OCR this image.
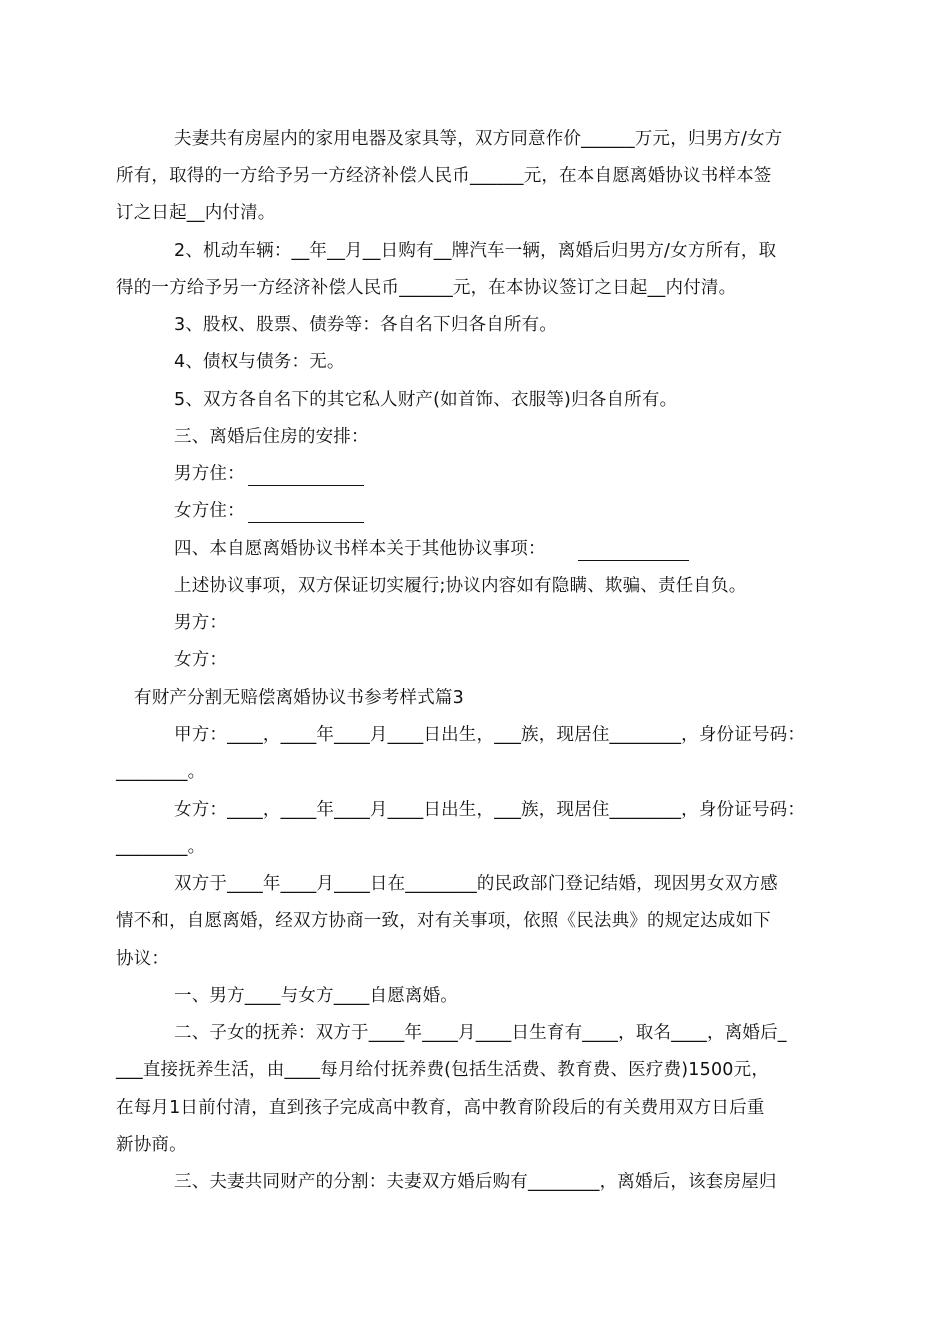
夫妻共有房屋内的家用电器及家具等，双方同意作价______万元，归男方/女方
所有，取得的一方给予另一方经济补偿人民币______元，在本自愿离婚协议书样本签
订之日起__内付清。
2、机动车辆：__年__月__日购有__牌汽车一辆，离婚后归男方/女方所有，取
得的一方给予另一方经济补偿人民币______元，在本协议签订之日起__内付清。
3、股权、股票、债券等：各自名下归各自所有。
4、债权与债务：无。
5、双方各自名下的其它私人财产(如首饰、衣服等)归各自所有。
三、离婚后住房的安排：
男方住：
女方住：
四、本自愿离婚协议书样本关于其他协议事项：
上述协议事项，双方保证切实履行;协议内容如有隐瞒、欺骗、责任自负。
男方：
女方：
有财产分割无赔偿离婚协议书参考样式篇3
甲方：____，____年____月____日出生，___族，现居住________，身份证号码：
________。
女方：____，____年____月____日出生，___族，现居住________，身份证号码：
________。
双方于____年____月____日在________的民政部门登记结婚，现因男女双方感
情不和，自愿离婚，经双方协商一致，对有关事项，依照《民法典》的规定达成如下
协议：
一、男方____与女方____自愿离婚。
二、子女的抚养：双方于____年____月____日生育有____，取名____，离婚后_
___直接抚养生活，由____每月给付抚养费(包括生活费、教育费、医疗费)1500元，
在每月1日前付清，直到孩子完成高中教育，高中教育阶段后的有关费用双方日后重
新协商。
三、夫妻共同财产的分割：夫妻双方婚后购有________，离婚后，该套房屋归
